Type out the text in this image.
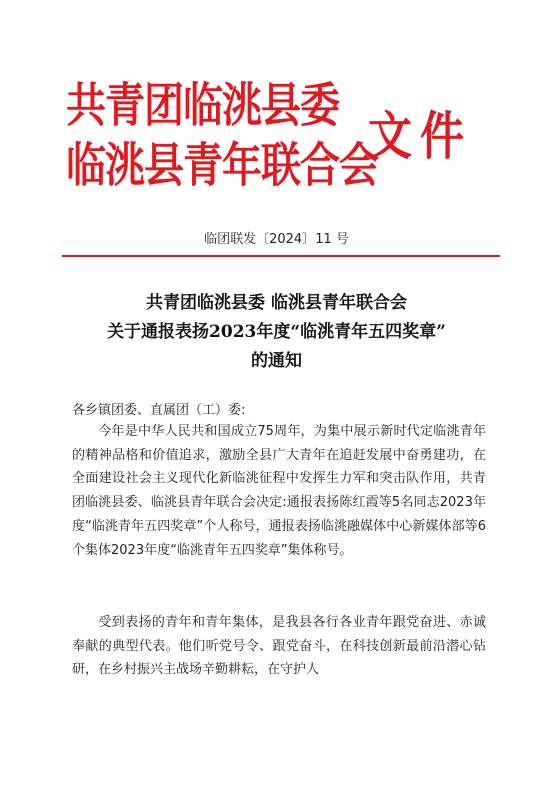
共青团临洮县委
临洮县青年联合会
文件
临团联发〔2024〕11 号
共青团临洮县委 临洮县青年联合会
关于通报表扬2023年度“临洮青年五四奖章”
的通知
各乡镇团委、直属团（工）委:

今年是中华人民共和国成立75周年，为集中展示新时代定临洮青年的精神品格和价值追求，激励全县广大青年在追赶发展中奋勇建功，在全面建设社会主义现代化新临洮征程中发挥生力军和突击队作用，共青团临洮县委、临洮县青年联合会决定:通报表扬陈红霞等5名同志2023年度“临洮青年五四奖章”个人称号，通报表扬临洮融媒体中心新媒体部等6个集体2023年度“临洮青年五四奖章”集体称号。

受到表扬的青年和青年集体，是我县各行各业青年跟党奋进、赤诚奉献的典型代表。他们听党号令、跟党奋斗，在科技创新最前沿潜心钻研，在乡村振兴主战场辛勤耕耘，在守护人
